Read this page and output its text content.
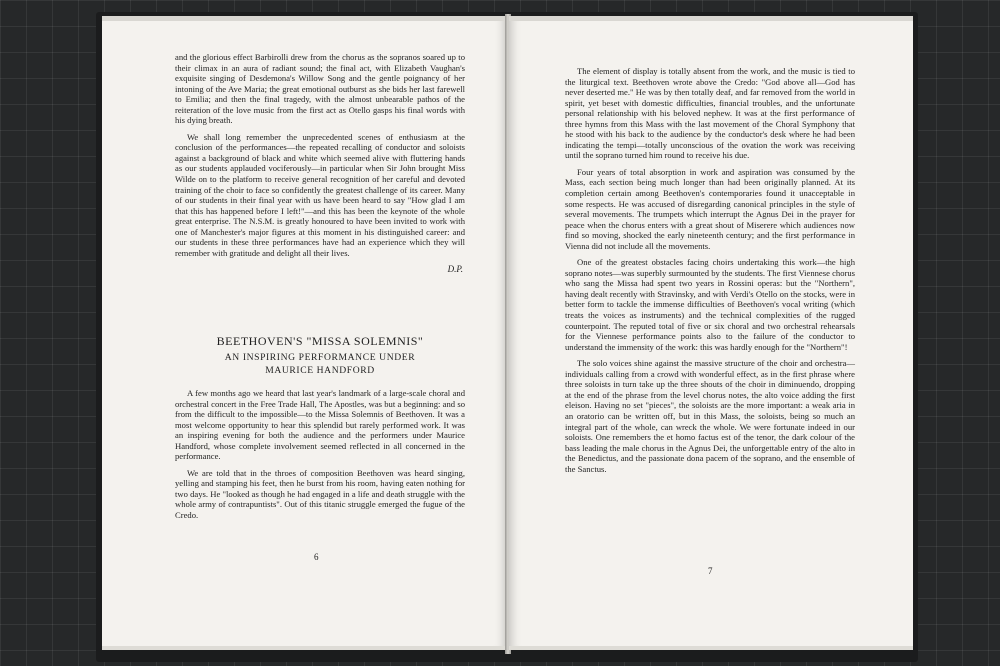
and the glorious effect Barbirolli drew from the chorus as the sopranos soared up to their climax in an aura of radiant sound; the final act, with Elizabeth Vaughan's exquisite singing of Desdemona's Willow Song and the gentle poignancy of her intoning of the Ave Maria; the great emotional outburst as she bids her last farewell to Emilia; and then the final tragedy, with the almost unbearable pathos of the reiteration of the love music from the first act as Otello gasps his final words with his dying breath.

We shall long remember the unprecedented scenes of enthusiasm at the conclusion of the performances—the repeated recalling of conductor and soloists against a background of black and white which seemed alive with fluttering hands as our students applauded vociferously—in particular when Sir John brought Miss Wilde on to the platform to receive general recognition of her careful and devoted training of the choir to face so confidently the greatest challenge of its career. Many of our students in their final year with us have been heard to say "How glad I am that this has happened before I left!"—and this has been the keynote of the whole great enterprise. The N.S.M. is greatly honoured to have been invited to work with one of Manchester's major figures at this moment in his distinguished career: and our students in these three performances have had an experience which they will remember with gratitude and delight all their lives.

D.P.
BEETHOVEN'S "MISSA SOLEMNIS"
AN INSPIRING PERFORMANCE UNDER
MAURICE HANDFORD

A few months ago we heard that last year's landmark of a large-scale choral and orchestral concert in the Free Trade Hall, The Apostles, was but a beginning: and so from the difficult to the impossible—to the Missa Solemnis of Beethoven. It was a most welcome opportunity to hear this splendid but rarely performed work. It was an inspiring evening for both the audience and the performers under Maurice Handford, whose complete involvement seemed reflected in all concerned in the performance.

We are told that in the throes of composition Beethoven was heard singing, yelling and stamping his feet, then he burst from his room, having eaten nothing for two days. He "looked as though he had engaged in a life and death struggle with the whole army of contrapuntists". Out of this titanic struggle emerged the fugue of the Credo.

6

The element of display is totally absent from the work, and the music is tied to the liturgical text. Beethoven wrote above the Credo: "God above all—God has never deserted me." He was by then totally deaf, and far removed from the world in spirit, yet beset with domestic difficulties, financial troubles, and the unfortunate personal relationship with his beloved nephew. It was at the first performance of three hymns from this Mass with the last movement of the Choral Symphony that he stood with his back to the audience by the conductor's desk where he had been indicating the tempi—totally unconscious of the ovation the work was receiving until the soprano turned him round to receive his due.

Four years of total absorption in work and aspiration was consumed by the Mass, each section being much longer than had been originally planned. At its completion certain among Beethoven's contemporaries found it unacceptable in some respects. He was accused of disregarding canonical principles in the style of several movements. The trumpets which interrupt the Agnus Dei in the prayer for peace when the chorus enters with a great shout of Miserere which audiences now find so moving, shocked the early nineteenth century; and the first performance in Vienna did not include all the movements.

One of the greatest obstacles facing choirs undertaking this work—the high soprano notes—was superbly surmounted by the students. The first Viennese chorus who sang the Missa had spent two years in Rossini operas: but the "Northern", having dealt recently with Stravinsky, and with Verdi's Otello on the stocks, were in better form to tackle the immense difficulties of Beethoven's vocal writing (which treats the voices as instruments) and the technical complexities of the rugged counterpoint. The reputed total of five or six choral and two orchestral rehearsals for the Viennese performance points also to the failure of the conductor to understand the immensity of the work: this was hardly enough for the "Northern"!

The solo voices shine against the massive structure of the choir and orchestra—individuals calling from a crowd with wonderful effect, as in the first phrase where three soloists in turn take up the three shouts of the choir in diminuendo, dropping at the end of the phrase from the level chorus notes, the alto voice adding the first eleison. Having no set "pieces", the soloists are the more important: a weak aria in an oratorio can be written off, but in this Mass, the soloists, being so much an integral part of the whole, can wreck the whole. We were fortunate indeed in our soloists. One remembers the et homo factus est of the tenor, the dark colour of the bass leading the male chorus in the Agnus Dei, the unforgettable entry of the alto in the Benedictus, and the passionate dona pacem of the soprano, and the ensemble of the Sanctus.

7
